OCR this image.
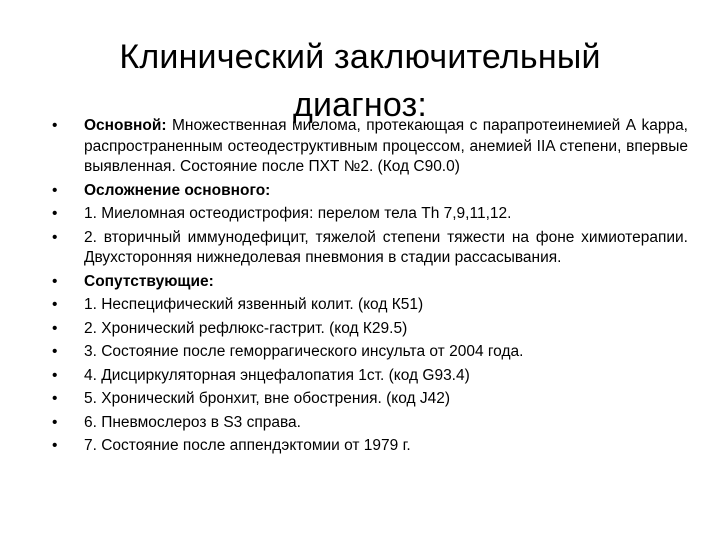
Клинический заключительный
диагноз:
•	Основной: Множественная миелома, протекающая с парапротеинемией А kappa, распространенным остеодеструктивным процессом, анемией IIA степени, впервые выявленная. Состояние после ПХТ №2. (Код С90.0)
•	Осложнение основного:
•	1. Миеломная остеодистрофия: перелом тела Th 7,9,11,12.
•	2. вторичный иммунодефицит, тяжелой степени тяжести на фоне химиотерапии. Двухсторонняя нижнедолевая пневмония в стадии рассасывания.
•	Сопутствующие:
•	1. Неспецифический язвенный колит. (код К51)
•	2. Хронический рефлюкс-гастрит. (код К29.5)
•	3. Состояние после геморрагического инсульта от 2004 года.
•	4. Дисциркуляторная энцефалопатия 1ст. (код G93.4)
•	5. Хронический бронхит, вне обострения. (код J42)
•	6. Пневмослероз в S3 справа.
•	7. Состояние после аппендэктомии от 1979 г.
